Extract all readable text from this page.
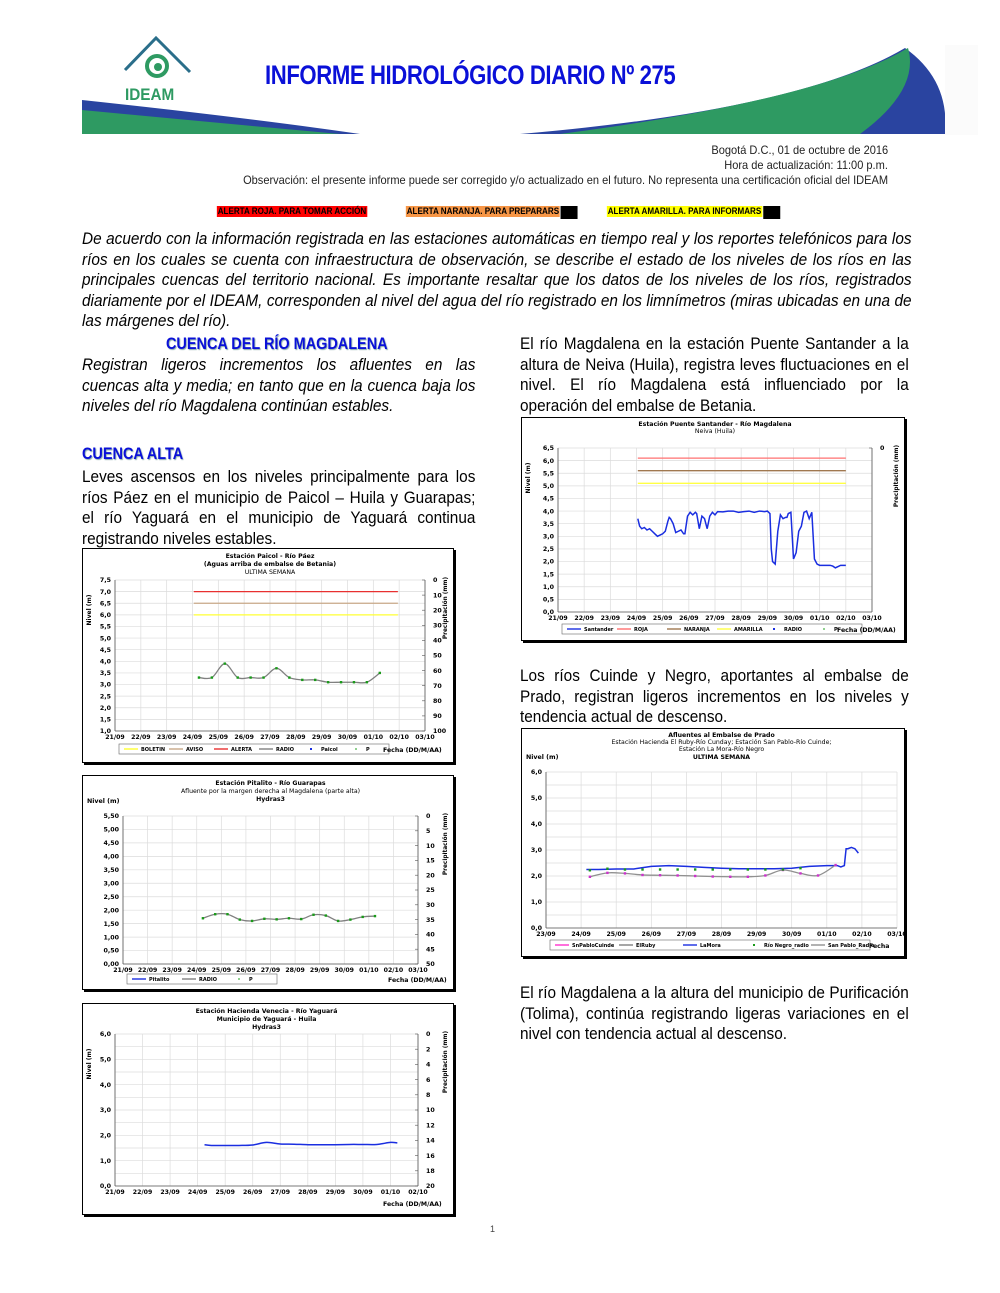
IDEAM
INFORME HIDROLÓGICO DIARIO Nº 275
Bogotá D.C., 01 de octubre de 2016
Hora de actualización: 11:00 p.m.
Observación: el presente informe puede ser corregido y/o actualizado en el futuro. No representa una certificación oficial del IDEAM
ALERTA ROJA. PARA TOMAR ACCIÓN	ALERTA NARANJA. PARA PREPARARS	ALERTA AMARILLA. PARA INFORMARS
De acuerdo con la información registrada en las estaciones automáticas en tiempo real y los reportes telefónicos para los ríos en los cuales se cuenta con infraestructura de observación, se describe el estado de los niveles de los ríos en las principales cuencas del territorio nacional. Es importante resaltar que los datos de los niveles de los ríos, registrados diariamente por el IDEAM, corresponden al nivel del agua del río registrado en los limnímetros (miras ubicadas en una de las márgenes del río).
CUENCA DEL RÍO MAGDALENA
Registran ligeros incrementos los afluentes en las cuencas alta y media; en tanto que en la cuenca baja los niveles del río Magdalena continúan estables.
CUENCA ALTA
Leves ascensos en los niveles principalmente para los ríos Páez en el municipio de Paicol – Huila y Guarapas; el río Yaguará en el municipio de Yaguará continua registrando niveles estables.
Estación Paicol - Río Páez
(Aguas arriba de embalse de Betania)
ULTIMA SEMANA
1,0
1,5
2,0
2,5
3,0
3,5
4,0
4,5
5,0
5,5
6,0
6,5
7,0
7,5
21/09 22/09 23/09 24/09 25/09 26/09 27/09 28/09 29/09 30/09 01/10 02/10 03/10
Nivel (m)
0
10
20
30
40
50
60
70
80
90
100
Precipitación (mm)
BOLETIN	AVISO	ALERTA	RADIO	Paicol	P Fecha (DD/M/AA)
Estación Pitalito - Río Guarapas
Afluente por la margen derecha al Magdalena (parte alta)
Hydras3
0,00
0,50
1,00
1,50
2,00
2,50
3,00
3,50
4,00
4,50
5,00
5,50
21/09 22/09 23/09 24/09 25/09 26/09 27/09 28/09 29/09 30/09 01/10 02/10 03/10
Nivel (m)
0
5
10
15
20
25
30
35
40
45
50
Precipitación (mm)
Pitalito	RADIO	P	Fecha (DD/M/AA)
Estación Hacienda Venecia - Río Yaguará
Municipio de Yaguará - Huila
Hydras3
0,0
1,0
2,0
3,0
4,0
5,0
6,0
21/09 22/09 23/09 24/09 25/09 26/09 27/09 28/09 29/09 30/09 01/10 02/10
Nivel (m)
0
2
4
6
8
10
12
14
16
18
20
Precipitación (mm)
Fecha (DD/M/AA)
El río Magdalena en la estación Puente Santander a la altura de Neiva (Huila), registra leves fluctuaciones en el nivel. El río Magdalena está influenciado por la operación del embalse de Betania.
Estación Puente Santander - Río Magdalena
Neiva (Huila)
0,0
0,5
1,0
1,5
2,0
2,5
3,0
3,5
4,0
4,5
5,0
5,5
6,0
6,5
21/09 22/09 23/09 24/09 25/09 26/09 27/09 28/09 29/09 30/09 01/10 02/10 03/10
Nivel (m)
0 Precipitación (mm)
Santander	ROJA	NARANJA	AMARILLA	RADIO	P Fecha (DD/M/AA)
Los ríos Cuinde y Negro, aportantes al embalse de Prado, registran ligeros incrementos en los niveles y tendencia actual de descenso.
Afluentes al Embalse de Prado
Estación Hacienda El Ruby-Río Cunday; Estación San Pablo-Río Cuinde;
Estación La Mora-Río Negro
ULTIMA SEMANA
0,0
1,0
2,0
3,0
4,0
5,0
6,0
23/09	24/09	25/09	26/09	27/09	28/09	29/09	30/09	01/10	02/10	03/10
Nivel (m)
SnPabloCuinde	ElRuby	LaMora	Río Negro_radio	San Pablo_Radio
Fecha
El río Magdalena a la altura del municipio de Purificación (Tolima), continúa registrando ligeras variaciones en el nivel con tendencia actual al descenso.
1
